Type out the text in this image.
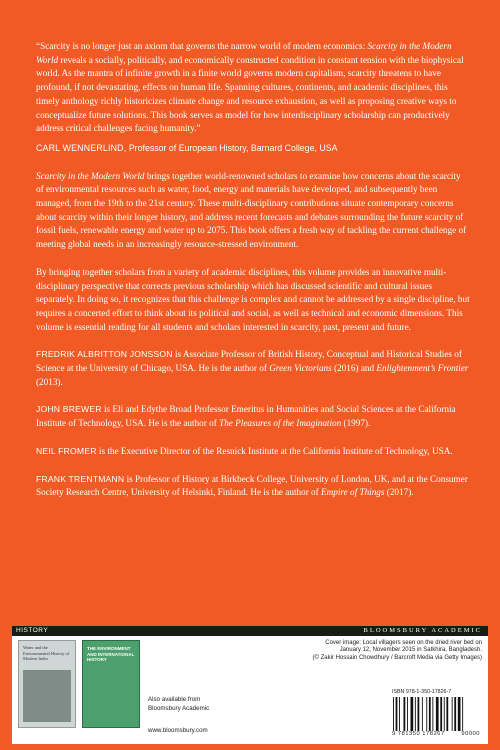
“Scarcity is no longer just an axiom that governs the narrow world of modern economics: Scarcity in the Modern World reveals a socially, politically, and economically constructed condition in constant tension with the biophysical world. As the mantra of infinite growth in a finite world governs modern capitalism, scarcity threatens to have profound, if not devastating, effects on human life. Spanning cultures, continents, and academic disciplines, this timely anthology richly historicizes climate change and resource exhaustion, as well as proposing creative ways to conceptualize future solutions. This book serves as model for how interdisciplinary scholarship can productively address critical challenges facing humanity.”

CARL WENNERLIND, Professor of European History, Barnard College, USA

Scarcity in the Modern World brings together world-renowned scholars to examine how concerns about the scarcity of environmental resources such as water, food, energy and materials have developed, and subsequently been managed, from the 19th to the 21st century. These multi-disciplinary contributions situate contemporary concerns about scarcity within their longer history, and address recent forecasts and debates surrounding the future scarcity of fossil fuels, renewable energy and water up to 2075. This book offers a fresh way of tackling the current challenge of meeting global needs in an increasingly resource-stressed environment.

By bringing together scholars from a variety of academic disciplines, this volume provides an innovative multi-disciplinary perspective that corrects previous scholarship which has discussed scientific and cultural issues separately. In doing so, it recognizes that this challenge is complex and cannot be addressed by a single discipline, but requires a concerted effort to think about its political and social, as well as technical and economic dimensions. This volume is essential reading for all students and scholars interested in scarcity, past, present and future.

FREDRIK ALBRITTON JONSSON is Associate Professor of British History, Conceptual and Historical Studies of Science at the University of Chicago, USA. He is the author of Green Victorians (2016) and Enlightenment’s Frontier (2013).

JOHN BREWER is Eli and Edythe Broad Professor Emeritus in Humanities and Social Sciences at the California Institute of Technology, USA. He is the author of The Pleasures of the Imagination (1997).

NEIL FROMER is the Executive Director of the Resnick Institute at the California Institute of Technology, USA.

FRANK TRENTMANN is Professor of History at Birkbeck College, University of London, UK, and at the Consumer Society Research Centre, University of Helsinki, Finland. He is the author of Empire of Things (2017).

HISTORY	BLOOMSBURY ACADEMIC
Water and the Environmental History of Modern India
THE ENVIRONMENT AND INTERNATIONAL HISTORY
Also available from
Bloomsbury Academic
www.bloomsbury.com
Cover image: Local villagers seen on the dried river bed on
January 12, November 2015 in Satkhira, Bangladesh.
(© Zakir Hossain Chowdhury / Barcroft Media via Getty Images)
ISBN 978-1-350-17826-7
9 781350 178267	90000
